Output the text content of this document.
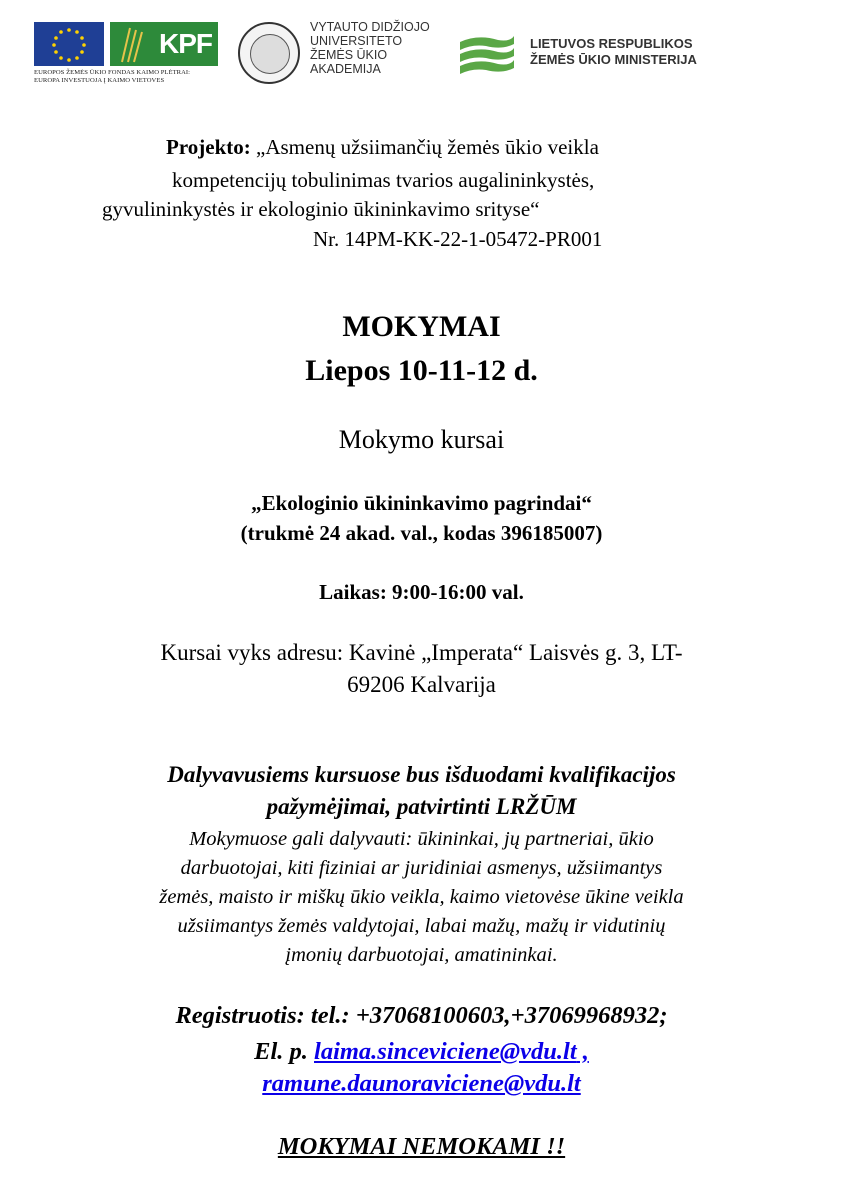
KPF
EUROPOS ŽEMĖS ŪKIO FONDAS KAIMO PLĖTRAI:
EUROPA INVESTUOJA Į KAIMO VIETOVES
VYTAUTO DIDŽIOJO
UNIVERSITETO
ŽEMĖS ŪKIO
AKADEMIJA
LIETUVOS RESPUBLIKOS
ŽEMĖS ŪKIO MINISTERIJA
Projekto: „Asmenų užsiimančių žemės ūkio veikla
kompetencijų tobulinimas tvarios augalininkystės,
gyvulininkystės ir ekologinio ūkininkavimo srityse“
Nr. 14PM-KK-22-1-05472-PR001
MOKYMAI
Liepos 10-11-12 d.
Mokymo kursai
„Ekologinio ūkininkavimo pagrindai“
(trukmė 24 akad. val., kodas 396185007)
Laikas: 9:00-16:00 val.
Kursai vyks adresu: Kavinė „Imperata“ Laisvės g. 3, LT-
69206 Kalvarija
Dalyvavusiems kursuose bus išduodami kvalifikacijos
pažymėjimai, patvirtinti LRŽŪM
Mokymuose gali dalyvauti: ūkininkai, jų partneriai, ūkio
darbuotojai, kiti fiziniai ar juridiniai asmenys, užsiimantys
žemės, maisto ir miškų ūkio veikla, kaimo vietovėse ūkine veikla
užsiimantys žemės valdytojai, labai mažų, mažų ir vidutinių
įmonių darbuotojai, amatininkai.
Registruotis: tel.: +37068100603,+37069968932;
El. p. laima.sinceviciene@vdu.lt ,
ramune.daunoraviciene@vdu.lt
MOKYMAI NEMOKAMI !!
